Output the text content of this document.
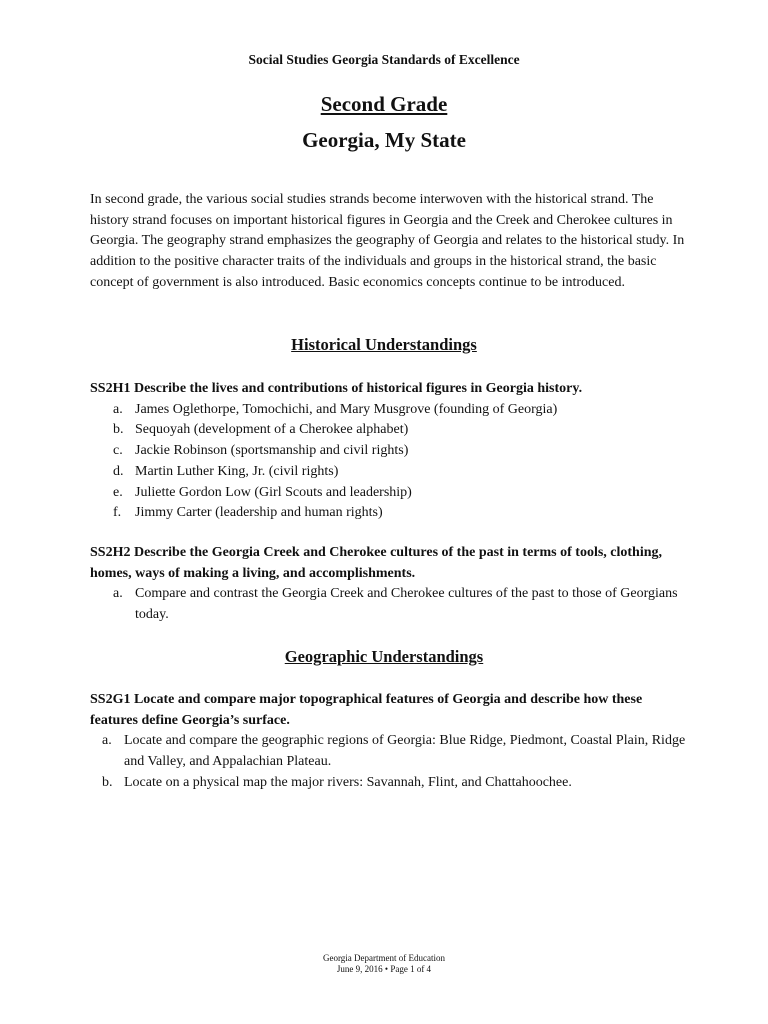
Social Studies Georgia Standards of Excellence
Second Grade
Georgia, My State

In second grade, the various social studies strands become interwoven with the historical strand. The history strand focuses on important historical figures in Georgia and the Creek and Cherokee cultures in Georgia. The geography strand emphasizes the geography of Georgia and relates to the historical study. In addition to the positive character traits of the individuals and groups in the historical strand, the basic concept of government is also introduced. Basic economics concepts continue to be introduced.

Historical Understandings
SS2H1 Describe the lives and contributions of historical figures in Georgia history.
a. James Oglethorpe, Tomochichi, and Mary Musgrove (founding of Georgia)
b. Sequoyah (development of a Cherokee alphabet)
c. Jackie Robinson (sportsmanship and civil rights)
d. Martin Luther King, Jr. (civil rights)
e. Juliette Gordon Low (Girl Scouts and leadership)
f. Jimmy Carter (leadership and human rights)
SS2H2 Describe the Georgia Creek and Cherokee cultures of the past in terms of tools, clothing, homes, ways of making a living, and accomplishments.
a. Compare and contrast the Georgia Creek and Cherokee cultures of the past to those of Georgians today.
Geographic Understandings
SS2G1 Locate and compare major topographical features of Georgia and describe how these features define Georgia’s surface.
a. Locate and compare the geographic regions of Georgia: Blue Ridge, Piedmont, Coastal Plain, Ridge and Valley, and Appalachian Plateau.
b. Locate on a physical map the major rivers: Savannah, Flint, and Chattahoochee.
Georgia Department of Education
June 9, 2016 • Page 1 of 4
